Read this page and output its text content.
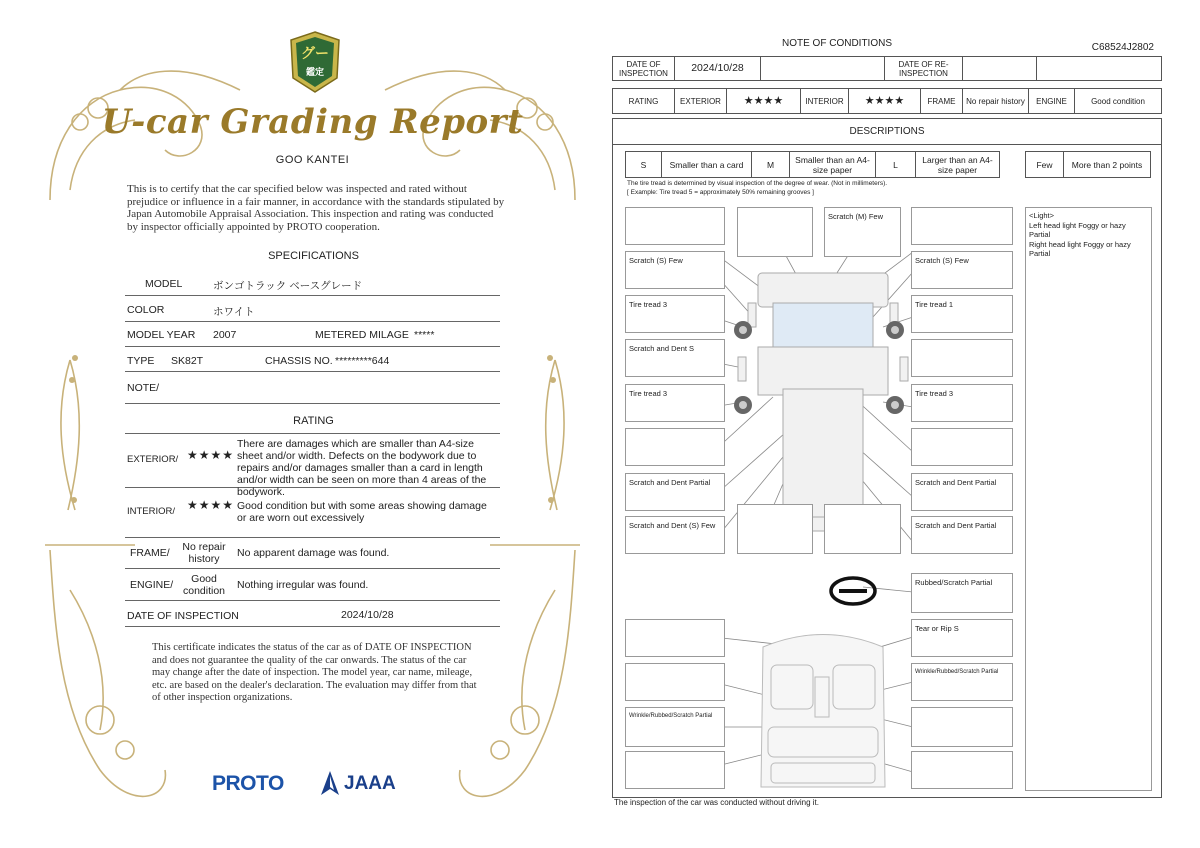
グー
鑑定
U-car Grading Report
GOO KANTEI
This is to certify that the car specified below was inspected and rated without prejudice or influence in a fair manner, in accordance with the standards stipulated by Japan Automobile Appraisal Association. This inspection and rating was conducted by inspector officially appointed by PROTO cooperation.
SPECIFICATIONS
MODEL	ボンゴトラック ベースグレード
COLOR	ホワイト
MODEL YEAR 2007	METERED MILAGE *****
TYPE SK82T	CHASSIS NO. *********644
NOTE/
RATING
EXTERIOR/ ★★★★
There are damages which are smaller than A4-size sheet and/or width. Defects on the bodywork due to repairs and/or damages smaller than a card in length and/or width can be seen on more than 4 areas of the bodywork.
INTERIOR/ ★★★★ Good condition but with some areas showing damage or are worn out excessively
FRAME/	No repair history	No apparent damage was found.
ENGINE/	Good condition	Nothing irregular was found.
DATE OF INSPECTION	2024/10/28
This certificate indicates the status of the car as of DATE OF INSPECTION and does not guarantee the quality of the car onwards. The status of the car may change after the date of inspection. The model year, car name, mileage, etc. are based on the dealer's declaration. The evaluation may differ from that of other inspection organizations.
PROTO	JAAA
NOTE OF CONDITIONS	C68524J2802
DATE OF INSPECTION	2024/10/28		DATE OF RE-INSPECTION		
RATING	EXTERIOR	★★★★	INTERIOR	★★★★	FRAME	No repair history	ENGINE	Good condition
DESCRIPTIONS
S	Smaller than a card	M	Smaller than an A4-size paper	L	Larger than an A4-size paper	Few	More than 2 points
The tire tread is determined by visual inspection of the degree of wear. (Not in millimeters).
[ Example: Tire tread 5 = approximately 50% remaining grooves ]
Scratch (S) Few
Tire tread 3
Scratch and Dent S
Tire tread 3
Scratch and Dent Partial
Scratch and Dent (S) Few
Wrinkle/Rubbed/Scratch Partial
Scratch (M) Few
Scratch (S) Few
Tire tread 1
Tire tread 3
Scratch and Dent Partial
Scratch and Dent Partial
Rubbed/Scratch Partial
Tear or Rip S
Wrinkle/Rubbed/Scratch Partial
<Light>
Left head light Foggy or hazy Partial
Right head light Foggy or hazy Partial
The inspection of the car was conducted without driving it.
